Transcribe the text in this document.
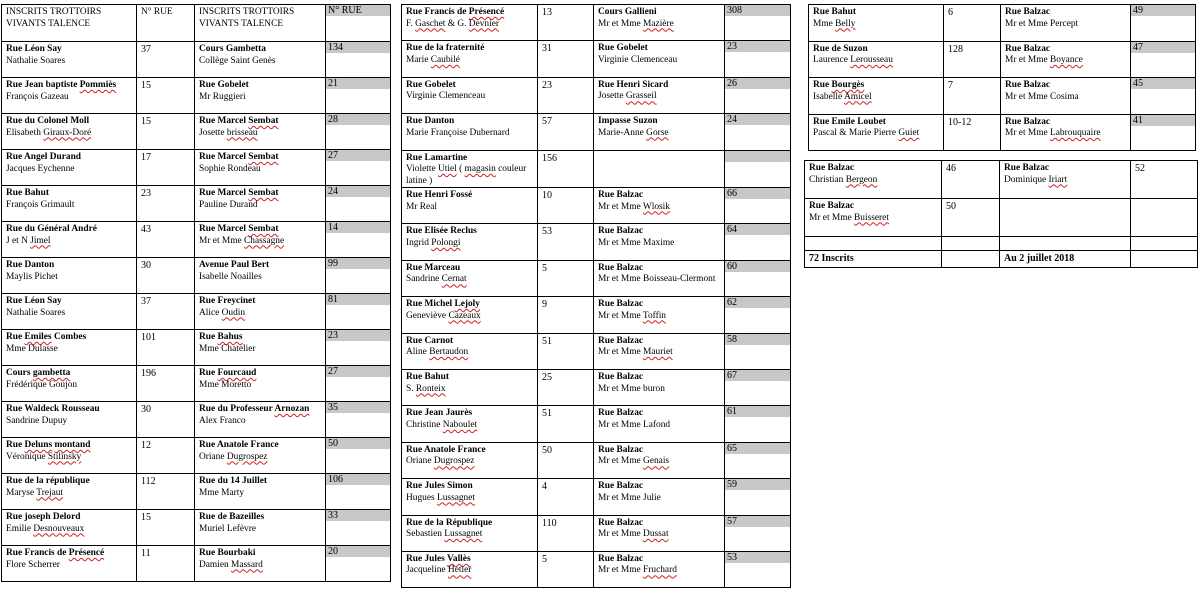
INSCRITS TROTTOIRS
VIVANTS TALENCE	N° RUE	INSCRITS TROTTOIRS
VIVANTS TALENCE	N° RUE

Rue Léon Say
Nathalie Soares	37	Cours Gambetta
Collège Saint Genès	134

Rue Jean baptiste Pommiès
François Gazeau	15	Rue Gobelet
Mr Ruggieri	21

Rue du Colonel Moll
Elisabeth Giraux-Doré	15	Rue Marcel Sembat
Josette brisseau	28

Rue Angel Durand
Jacques Eychenne	17	Rue Marcel Sembat
Sophie Rondeau	27

Rue Bahut
François Grimault	23	Rue Marcel Sembat
Pauline Durand	24

Rue du Général André
J et N Jimel	43	Rue Marcel Sembat
Mr et Mme Chassagne	14

Rue Danton
Maylis Pichet	30	Avenue Paul Bert
Isabelle Noailles	99

Rue Léon Say
Nathalie Soares	37	Rue Freycinet
Alice Oudin	81

Rue Emiles Combes
Mme Dulasse	101	Rue Bahus
Mme Chatelier	23

Cours gambetta
Frédérique Goujon	196	Rue Fourcaud
Mme Moretto	27

Rue Waldeck Rousseau
Sandrine Dupuy	30	Rue du Professeur Arnozan
Alex Franco	35

Rue Deluns montand
Véronique Stilinsky	12	Rue Anatole France
Oriane Dugrospez	50

Rue de la république
Maryse Trejaut	112	Rue du 14 Juillet
Mme Marty	106

Rue joseph Delord
Emilie Desnouveaux	15	Rue de Bazeilles
Muriel Lefèvre	33

Rue Francis de Présencé
Flore Scherrer	11	Rue Bourbaki
Damien Massard	20
Rue Francis de Présencé
F. Gaschet & G. Devnier	13	Cours Gallieni
Mr et Mme Mazière	308

Rue de la fraternité
Marie Caubilé	31	Rue Gobelet
Virginie Clemenceau	23

Rue Gobelet
Virginie Clemenceau	23	Rue Henri Sicard
Josette Grasseil	26

Rue Danton
Marie Françoise Dubernard	57	Impasse Suzon
Marie-Anne Gorse	24

Rue Lamartine
Violette Utiel ( magasin couleur latine )	156	

Rue Henri Fossé
Mr Real	10	Rue Balzac
Mr et Mme Wlosik	66

Rue Elisée Reclus
Ingrid Polongi	53	Rue Balzac
Mr et Mme Maxime	64

Rue Marceau
Sandrine Cernat	5	Rue Balzac
Mr et Mme Boisseau-Clermont	60

Rue Michel Lejoly
Geneviève Cazeaux	9	Rue Balzac
Mr et Mme Toffin	62

Rue Carnot
Aline Bertaudon	51	Rue Balzac
Mr et Mme Mauriet	58

Rue Bahut
S. Ronteix	25	Rue Balzac
Mr et Mme buron	67

Rue Jean Jaurès
Christine Naboulet	51	Rue Balzac
Mr et Mme Lafond	61

Rue Anatole France
Oriane Dugrospez	50	Rue Balzac
Mr et Mme Genais	65

Rue Jules Simon
Hugues Lussagnet	4	Rue Balzac
Mr et Mme Julie	59

Rue de la République
Sebastien Lussagnet	110	Rue Balzac
Mr et Mme Dussat	57

Rue Jules Vallès
Jacqueline Hetier	5	Rue Balzac
Mr et Mme Fruchard	53
Rue Bahut
Mme Belly	6	Rue Balzac
Mr et Mme Percept	49

Rue de Suzon
Laurence Lerousseau	128	Rue Balzac
Mr et Mme Boyance	47

Rue Bourgès
Isabelle Amicel	7	Rue Balzac
Mr et Mme Cosima	45

Rue Emile Loubet
Pascal & Marie Pierre Guiet	10-12	Rue Balzac
Mr et Mme Labrouquaire	41
Rue Balzac
Christian Bergeon	46	Rue Balzac
Dominique Iriart	52

Rue Balzac
Mr et Mme Buisseret	50	

72 Inscrits		Au 2 juillet 2018	
